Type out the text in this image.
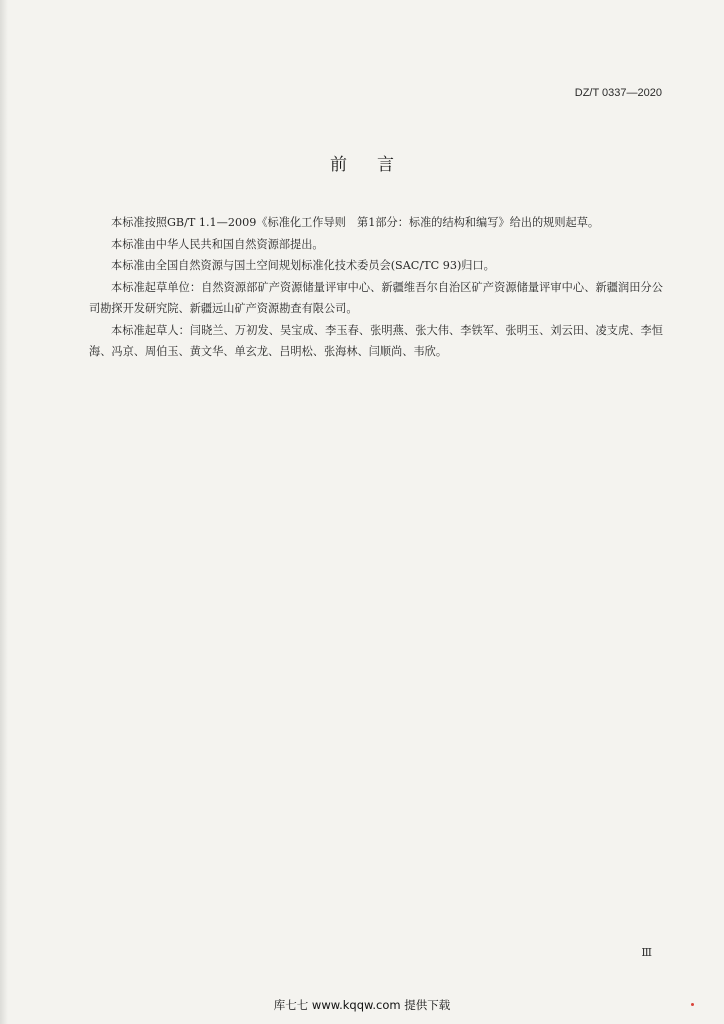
DZ/T 0337—2020
前言

本标准按照GB/T 1.1—2009《标准化工作导则　第1部分：标准的结构和编写》给出的规则起草。

本标准由中华人民共和国自然资源部提出。

本标准由全国自然资源与国土空间规划标准化技术委员会(SAC/TC 93)归口。

本标准起草单位：自然资源部矿产资源储量评审中心、新疆维吾尔自治区矿产资源储量评审中心、新疆润田分公司勘探开发研究院、新疆远山矿产资源勘查有限公司。

本标准起草人：闫晓兰、万初发、吴宝成、李玉春、张明燕、张大伟、李铁军、张明玉、刘云田、凌支虎、李恒海、冯京、周伯玉、黄文华、单玄龙、吕明松、张海林、闫顺尚、韦欣。

Ⅲ
库七七 www.kqqw.com 提供下载
